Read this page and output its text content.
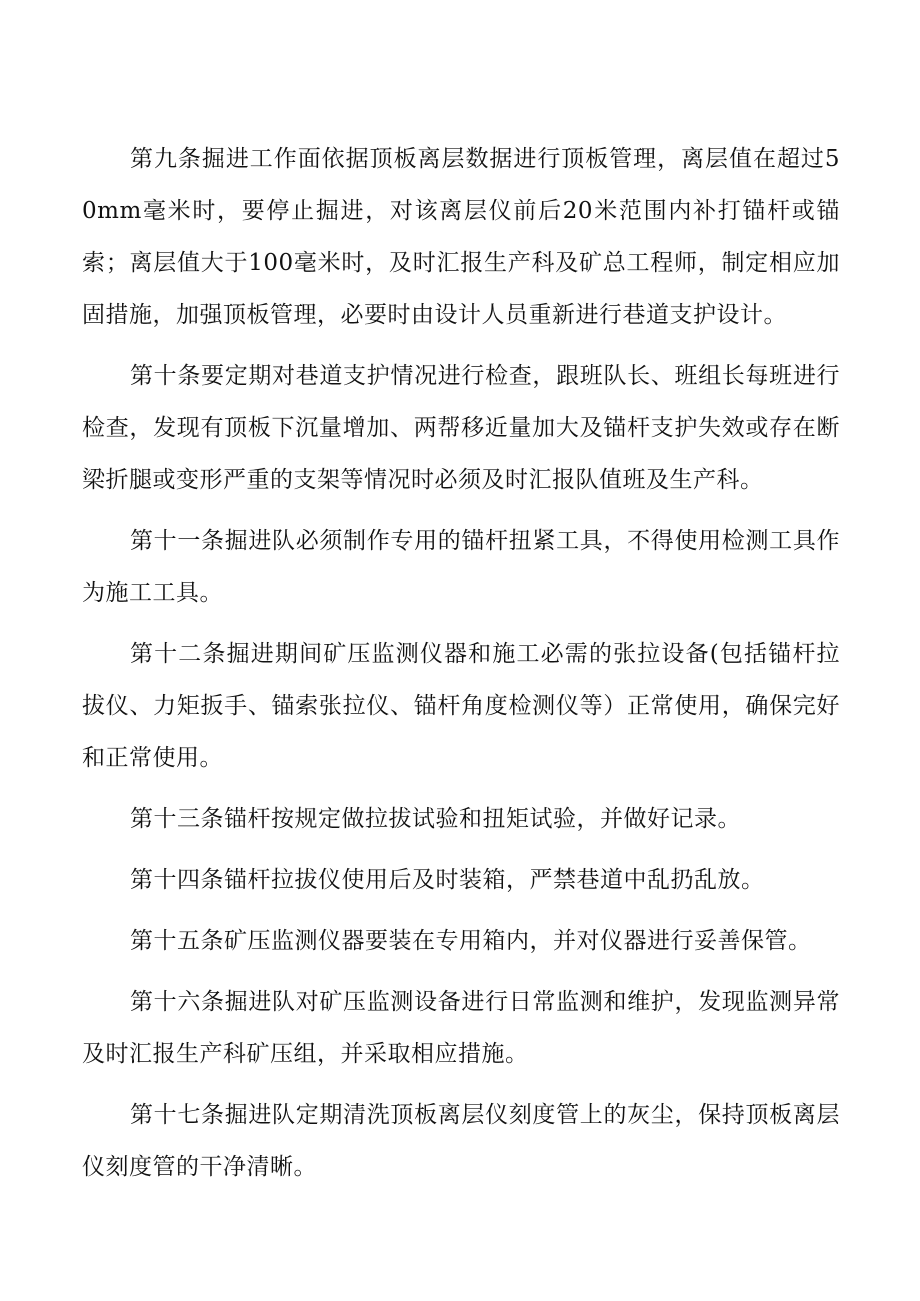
第九条掘进工作面依据顶板离层数据进行顶板管理，离层值在超过50mm毫米时，要停止掘进，对该离层仪前后20米范围内补打锚杆或锚索；离层值大于100毫米时，及时汇报生产科及矿总工程师，制定相应加固措施，加强顶板管理，必要时由设计人员重新进行巷道支护设计。

第十条要定期对巷道支护情况进行检查，跟班队长、班组长每班进行检查，发现有顶板下沉量增加、两帮移近量加大及锚杆支护失效或存在断梁折腿或变形严重的支架等情况时必须及时汇报队值班及生产科。

第十一条掘进队必须制作专用的锚杆扭紧工具，不得使用检测工具作为施工工具。

第十二条掘进期间矿压监测仪器和施工必需的张拉设备(包括锚杆拉拔仪、力矩扳手、锚索张拉仪、锚杆角度检测仪等）正常使用，确保完好和正常使用。

第十三条锚杆按规定做拉拔试验和扭矩试验，并做好记录。

第十四条锚杆拉拔仪使用后及时装箱，严禁巷道中乱扔乱放。

第十五条矿压监测仪器要装在专用箱内，并对仪器进行妥善保管。

第十六条掘进队对矿压监测设备进行日常监测和维护，发现监测异常及时汇报生产科矿压组，并采取相应措施。

第十七条掘进队定期清洗顶板离层仪刻度管上的灰尘，保持顶板离层仪刻度管的干净清晰。
